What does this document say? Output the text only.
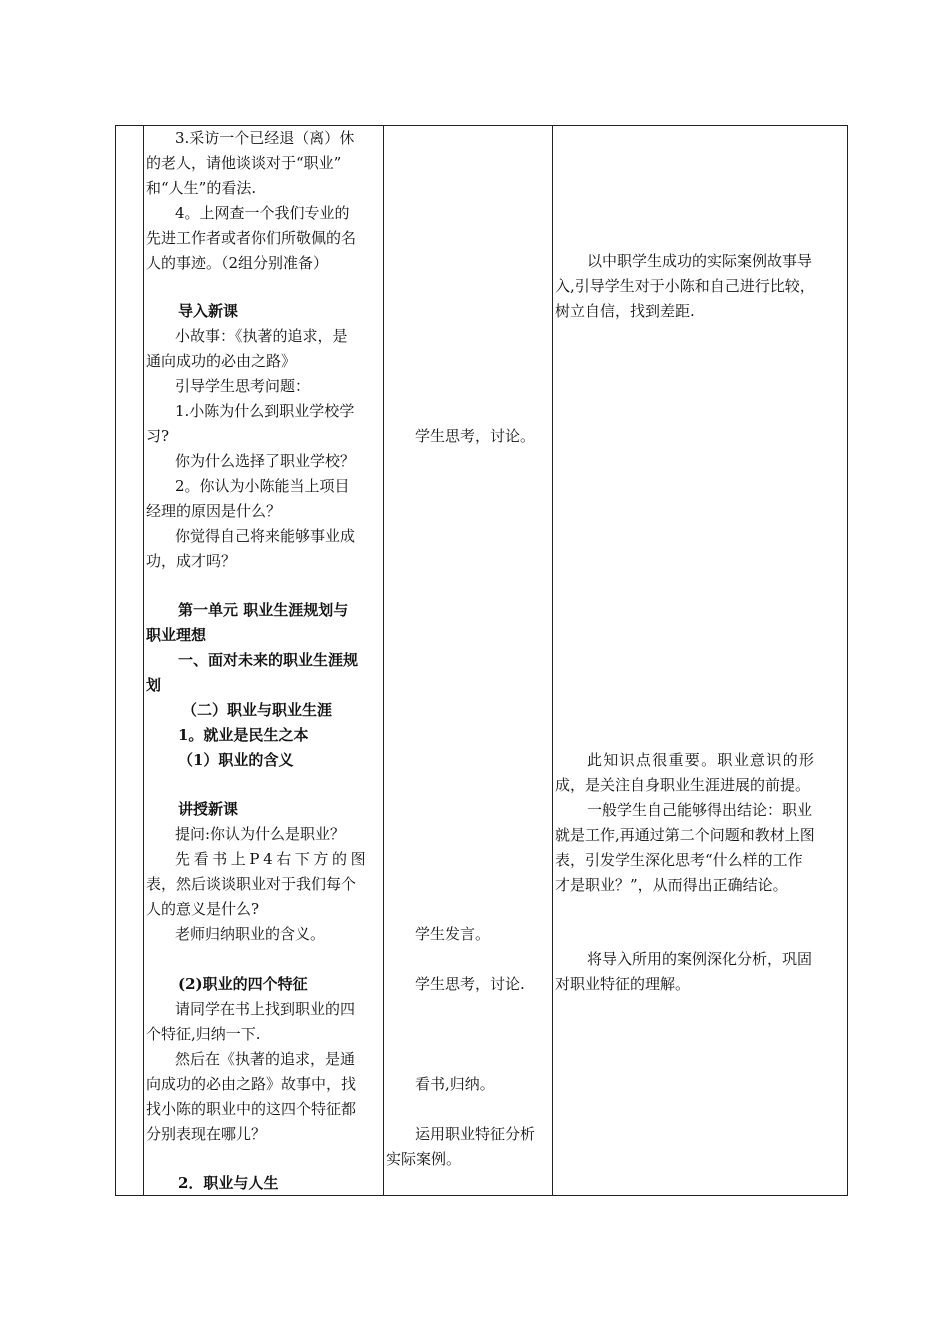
3.采访一个已经退（离）休
的老人，请他谈谈对于“职业”
和“人生”的看法.
4。上网查一个我们专业的
先进工作者或者你们所敬佩的名
人的事迹。（2组分别准备）
导入新课
小故事：《执著的追求，是
通向成功的必由之路》
引导学生思考问题：
1.小陈为什么到职业学校学
习?
你为什么选择了职业学校？
2。你认为小陈能当上项目
经理的原因是什么？
你觉得自己将来能够事业成
功，成才吗？
第一单元 职业生涯规划与
职业理想
一、面对未来的职业生涯规
划
（二）职业与职业生涯
1。就业是民生之本
（1）职业的含义
讲授新课
提问:你认为什么是职业？
先看书上P4右下方的图
表，然后谈谈职业对于我们每个
人的意义是什么?
老师归纳职业的含义。
(2)职业的四个特征
请同学在书上找到职业的四
个特征,归纳一下.
然后在《执著的追求，是通
向成功的必由之路》故事中，找
找小陈的职业中的这四个特征都
分别表现在哪儿？
2．职业与人生
学生思考，讨论。
学生发言。
学生思考，讨论.
看书,归纳。
运用职业特征分析
实际案例。
以中职学生成功的实际案例故事导
入,引导学生对于小陈和自己进行比较，
树立自信，找到差距.
此知识点很重要。职业意识的形
成，是关注自身职业生涯进展的前提。
一般学生自己能够得出结论：职业
就是工作,再通过第二个问题和教材上图
表，引发学生深化思考“什么样的工作
才是职业？”，从而得出正确结论。
将导入所用的案例深化分析，巩固
对职业特征的理解。
